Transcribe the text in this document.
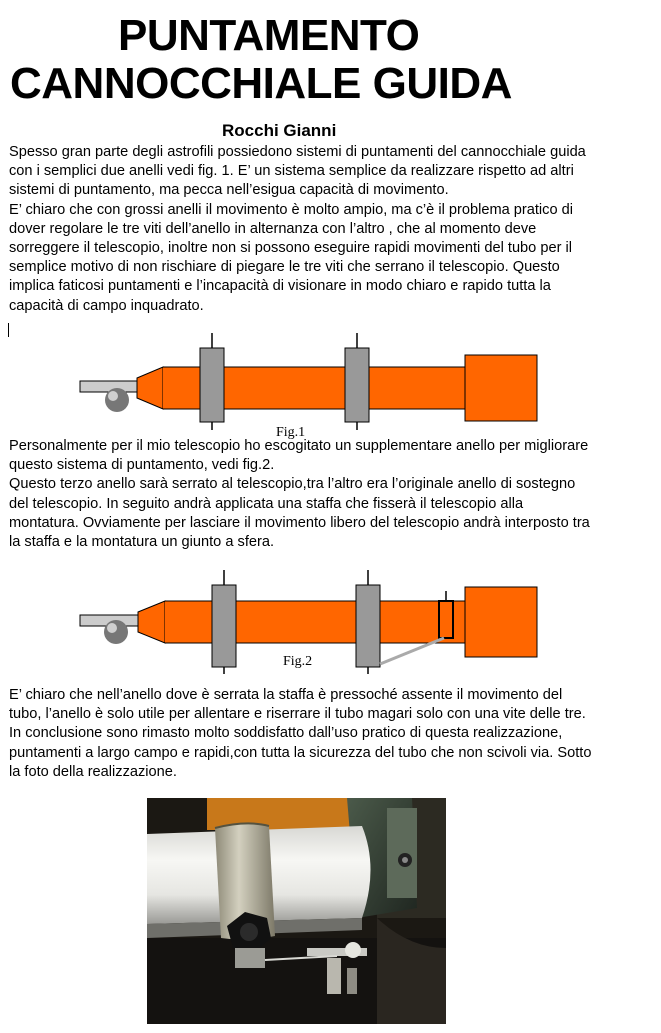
PUNTAMENTO
CANNOCCHIALE GUIDA
Rocchi Gianni
Spesso gran parte degli astrofili possiedono sistemi di puntamenti del cannocchiale guida
con i semplici due anelli vedi fig. 1. E’ un sistema semplice da realizzare rispetto ad altri
sistemi di puntamento, ma pecca nell’esigua capacità di movimento.
E’ chiaro che con grossi anelli il movimento è molto ampio, ma c’è il problema pratico di
dover regolare le tre viti dell’anello in alternanza con l’altro , che al momento deve
sorreggere il telescopio, inoltre non si possono eseguire rapidi movimenti del tubo per il
semplice motivo di non rischiare di piegare le tre viti che serrano il telescopio. Questo
implica faticosi puntamenti e l’incapacità di visionare in modo chiaro e rapido tutta la
capacità di campo inquadrato.
Fig.1
Personalmente per il mio telescopio ho escogitato un supplementare anello per migliorare
questo sistema di puntamento, vedi fig.2.
Questo terzo anello sarà serrato al telescopio,tra l’altro era l’originale anello di sostegno
del telescopio. In seguito andrà applicata una staffa che fisserà il telescopio alla
montatura. Ovviamente per lasciare il movimento libero del telescopio andrà interposto tra
la staffa e la montatura un giunto a sfera.
Fig.2
E’ chiaro che nell’anello dove è serrata la staffa è pressoché assente il movimento del
tubo, l’anello è solo utile per allentare e riserrare il tubo magari solo con una vite delle tre.
In conclusione sono rimasto molto soddisfatto dall’uso pratico di questa realizzazione,
puntamenti a largo campo e rapidi,con tutta la sicurezza del tubo che non scivoli via. Sotto
la foto della realizzazione.
